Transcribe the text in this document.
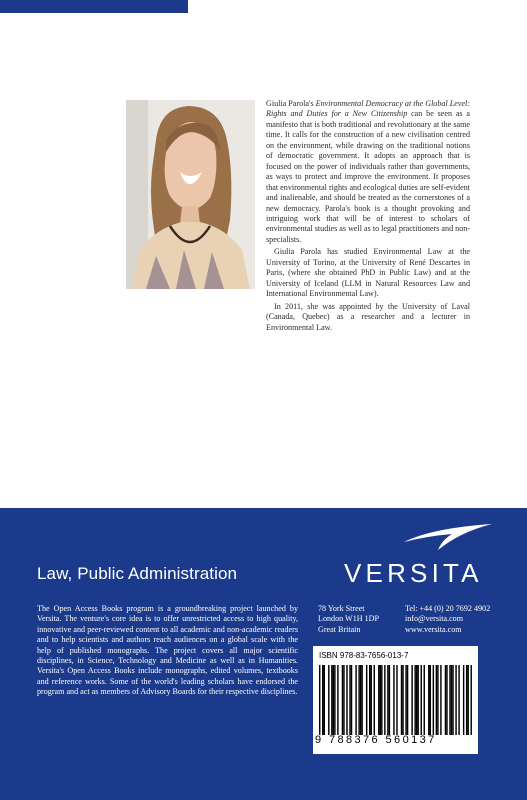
Giulia Parola's Environmental Democracy at the Global Level: Rights and Duties for a New Citizenship can be seen as a manifesto that is both traditional and revolutionary at the same time. It calls for the construction of a new civilisation centred on the environment, while drawing on the traditional notions of democratic government. It adopts an approach that is focused on the power of individuals rather than governments, as ways to protect and improve the environment. It proposes that environmental rights and ecological duties are self-evident and inalienable, and should be treated as the cornerstones of a new democracy. Parola's book is a thought provoking and intriguing work that will be of interest to scholars of environmental studies as well as to legal practitioners and non-specialists.

Giulia Parola has studied Environmental Law at the University of Torino, at the University of René Descartes in Paris, (where she obtained PhD in Public Law) and at the University of Iceland (LLM in Natural Resources Law and International Environmental Law).

In 2011, she was appointed by the University of Laval (Canada, Quebec) as a researcher and a lecturer in Environmental Law.

Law, Public Administration	VERSITA
The Open Access Books program is a groundbreaking project launched by Versita. The venture's core idea is to offer unrestricted access to high quality, innovative and peer-reviewed content to all academic and non-academic readers and to help scientists and authors reach audiences on a global scale with the help of published monographs. The project covers all major scientific disciplines, in Science, Technology and Medicine as well as in Humanities. Versita's Open Access Books include monographs, edited volumes, textbooks and reference works. Some of the world's leading scholars have endorsed the program and act as members of Advisory Boards for their respective disciplines.
78 York Street
London W1H 1DP
Great Britain
Tel: +44 (0) 20 7692 4902
info@versita.com
www.versita.com
ISBN 978-83-7656-013-7
9 788376 560137
